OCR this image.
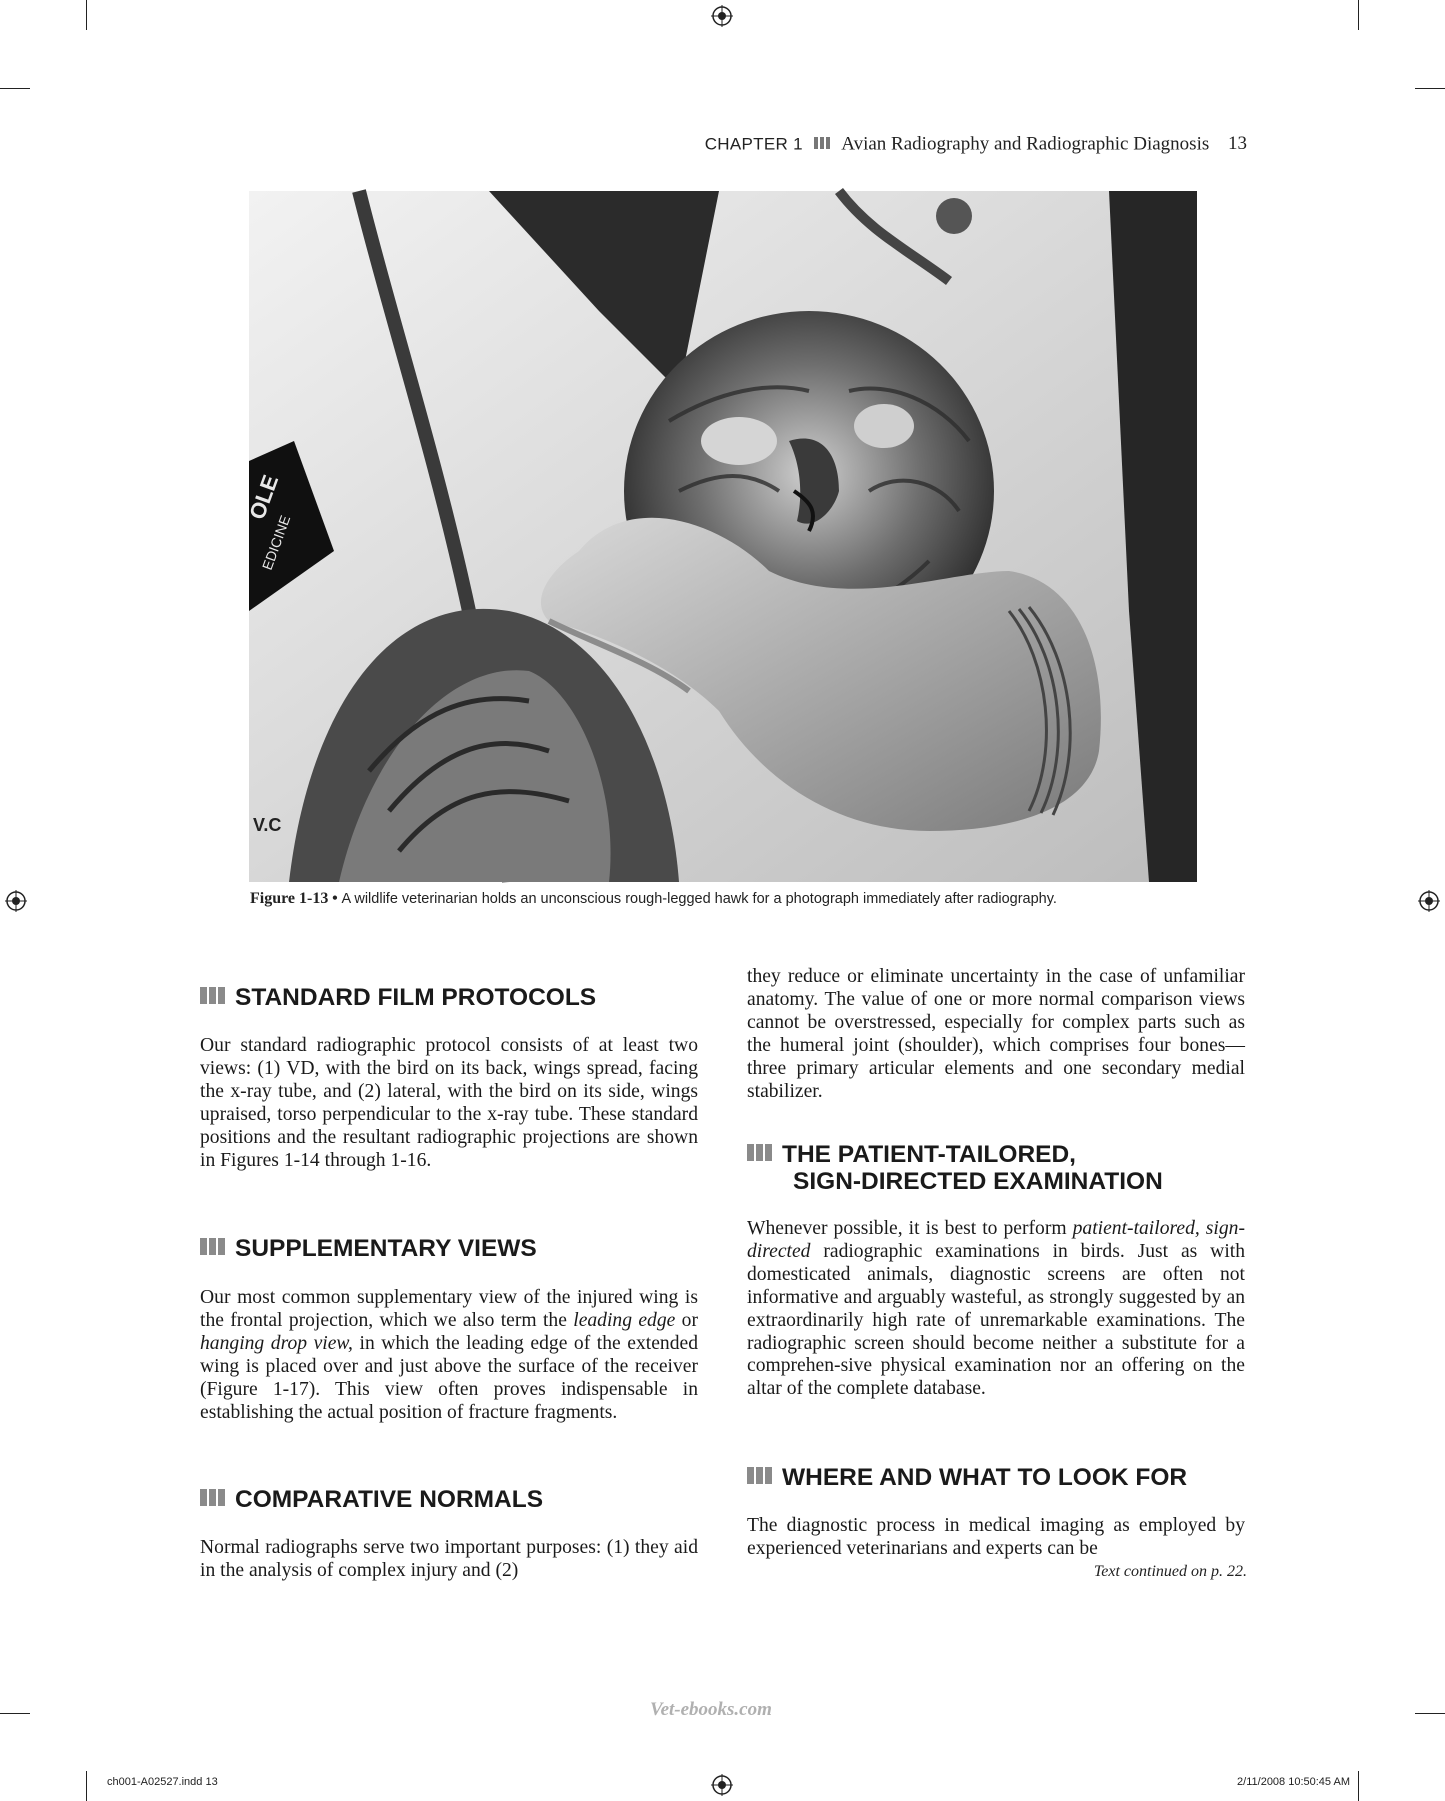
CHAPTER 1 Avian Radiography and Radiographic Diagnosis 13
OLE
EDICINE
V.C
Figure 1-13 • A wildlife veterinarian holds an unconscious rough-legged hawk for a photograph immediately after radiography.
STANDARD FILM PROTOCOLS
Our standard radiographic protocol consists of at least two views: (1) VD, with the bird on its back, wings spread, facing the x-ray tube, and (2) lateral, with the bird on its side, wings upraised, torso perpendicular to the x-ray tube. These standard positions and the resultant radiographic projections are shown in Figures 1-14 through 1-16.
SUPPLEMENTARY VIEWS
Our most common supplementary view of the injured wing is the frontal projection, which we also term the leading edge or hanging drop view, in which the leading edge of the extended wing is placed over and just above the surface of the receiver (Figure 1-17). This view often proves indispensable in establishing the actual position of fracture fragments.
COMPARATIVE NORMALS
Normal radiographs serve two important purposes: (1) they aid in the analysis of complex injury and (2)
they reduce or eliminate uncertainty in the case of unfamiliar anatomy. The value of one or more normal comparison views cannot be overstressed, especially for complex parts such as the humeral joint (shoulder), which comprises four bones—three primary articular elements and one secondary medial stabilizer.
THE PATIENT-TAILORED,
SIGN-DIRECTED EXAMINATION
Whenever possible, it is best to perform patient-tailored, sign-directed radiographic examinations in birds. Just as with domesticated animals, diagnostic screens are often not informative and arguably wasteful, as strongly suggested by an extraordinarily high rate of unremarkable examinations. The radiographic screen should become neither a substitute for a comprehen-sive physical examination nor an offering on the altar of the complete database.
WHERE AND WHAT TO LOOK FOR
The diagnostic process in medical imaging as employed by experienced veterinarians and experts can be
Text continued on p. 22.
Vet-ebooks.com
ch001-A02527.indd 13	2/11/2008 10:50:45 AM
